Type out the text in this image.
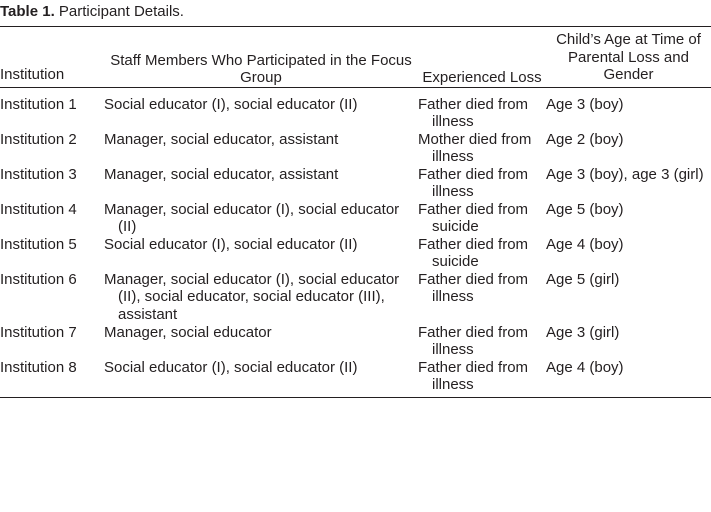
Table 1. Participant Details.
Institution	Staff Members Who Participated in the Focus Group	Experienced Loss	Child’s Age at Time of Parental Loss and Gender
Institution 1	Social educator (I), social educator (II)	Father died from illness	Age 3 (boy)
Institution 2	Manager, social educator, assistant	Mother died from illness	Age 2 (boy)
Institution 3	Manager, social educator, assistant	Father died from illness	Age 3 (boy), age 3 (girl)
Institution 4	Manager, social educator (I), social educator (II)	Father died from suicide	Age 5 (boy)
Institution 5	Social educator (I), social educator (II)	Father died from suicide	Age 4 (boy)
Institution 6	Manager, social educator (I), social educator (II), social educator, social educator (III), assistant	Father died from illness	Age 5 (girl)
Institution 7	Manager, social educator	Father died from illness	Age 3 (girl)
Institution 8	Social educator (I), social educator (II)	Father died from illness	Age 4 (boy)
